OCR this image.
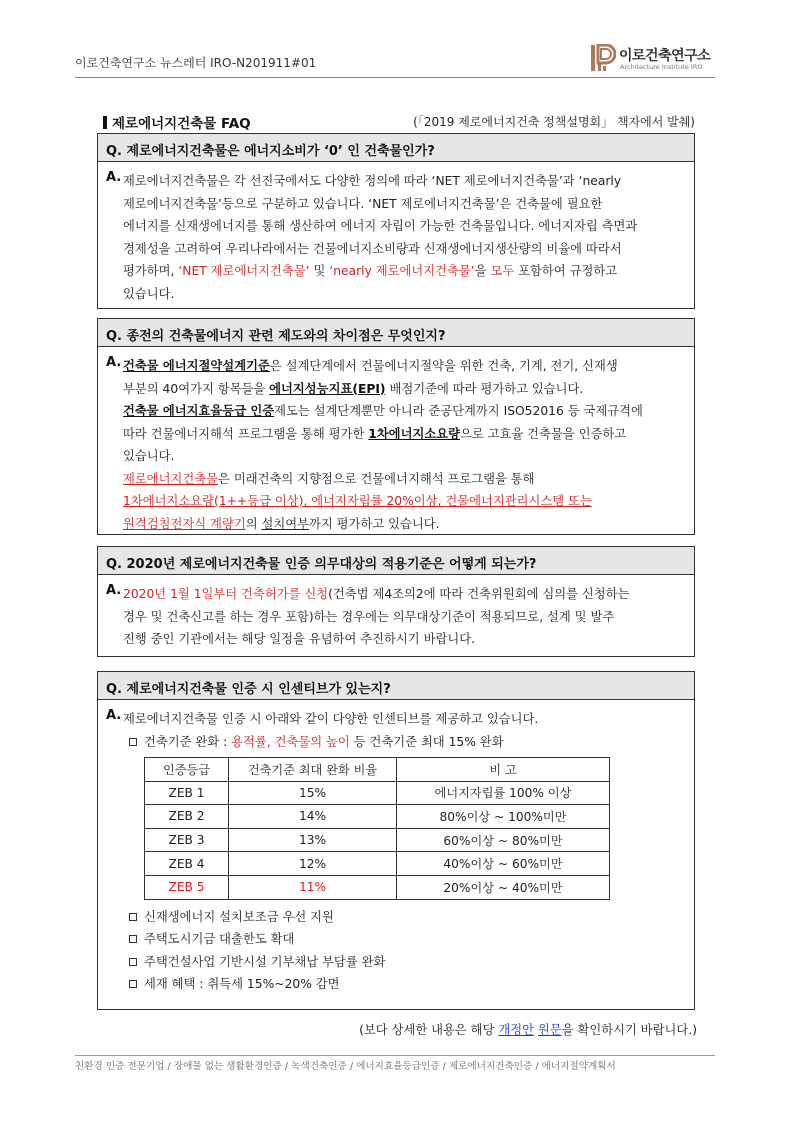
이로건축연구소 뉴스레터 IRO-N201911#01	이로건축연구소
Architecture Institute IRO
제로에너지건축물 FAQ	(「2019 제로에너지건축 정책설명회」 책자에서 발췌)
Q. 제로에너지건축물은 에너지소비가 ‘0’ 인 건축물인가?
A. 제로에너지건축물은 각 선진국에서도 다양한 정의에 따라 ‘NET 제로에너지건축물’과 ‘nearly
제로에너지건축물’등으로 구분하고 있습니다. ‘NET 제로에너지건축물’은 건축물에 필요한
에너지를 신재생에너지를 통해 생산하여 에너지 자립이 가능한 건축물입니다. 에너지자립 측면과
경제성을 고려하여 우리나라에서는 건물에너지소비량과 신재생에너지생산량의 비율에 따라서
평가하며, ‘NET 제로에너지건축물’ 및 ‘nearly 제로에너지건축물’을 모두 포함하여 규정하고
있습니다.
Q. 종전의 건축물에너지 관련 제도와의 차이점은 무엇인지?
A. 건축물 에너지절약설계기준은 설계단계에서 건물에너지절약을 위한 건축, 기계, 전기, 신재생
부분의 40여가지 항목들을 에너지성능지표(EPI) 배점기준에 따라 평가하고 있습니다.
건축물 에너지효율등급 인증제도는 설계단계뿐만 아니라 준공단계까지 ISO52016 등 국제규격에
따라 건물에너지해석 프로그램을 통해 평가한 1차에너지소요량으로 고효율 건축물을 인증하고
있습니다.
제로에너지건축물은 미래건축의 지향점으로 건물에너지해석 프로그램을 통해
1차에너지소요량(1++등급 이상), 에너지자립률 20%이상, 건물에너지관리시스템 또는
원격검침전자식 계량기의 설치여부까지 평가하고 있습니다.
Q. 2020년 제로에너지건축물 인증 의무대상의 적용기준은 어떻게 되는가?
A. 2020년 1월 1일부터 건축허가를 신청(건축법 제4조의2에 따라 건축위원회에 심의를 신청하는
경우 및 건축신고를 하는 경우 포함)하는 경우에는 의무대상기준이 적용되므로, 설계 및 발주
진행 중인 기관에서는 해당 일정을 유념하여 추진하시기 바랍니다.
Q. 제로에너지건축물 인증 시 인센티브가 있는지?
A. 제로에너지건축물 인증 시 아래와 같이 다양한 인센티브를 제공하고 있습니다.
건축기준 완화 : 용적률, 건축물의 높이 등 건축기준 최대 15% 완화
인증등급	건축기준 최대 완화 비율	비 고
ZEB 1	15%	에너지자립률 100% 이상
ZEB 2	14%	80%이상 ~ 100%미만
ZEB 3	13%	60%이상 ~ 80%미만
ZEB 4	12%	40%이상 ~ 60%미만
ZEB 5	11%	20%이상 ~ 40%미만
신재생에너지 설치보조금 우선 지원
주택도시기금 대출한도 확대
주택건설사업 기반시설 기부채납 부담률 완화
세재 혜택 : 취득세 15%~20% 감면
(보다 상세한 내용은 해당 개정안 원문을 확인하시기 바랍니다.)
친환경 인증 전문기업 / 장애물 없는 생활환경인증 / 녹색건축인증 / 에너지효율등급인증 / 제로에너지건축인증 / 에너지절약계획서
